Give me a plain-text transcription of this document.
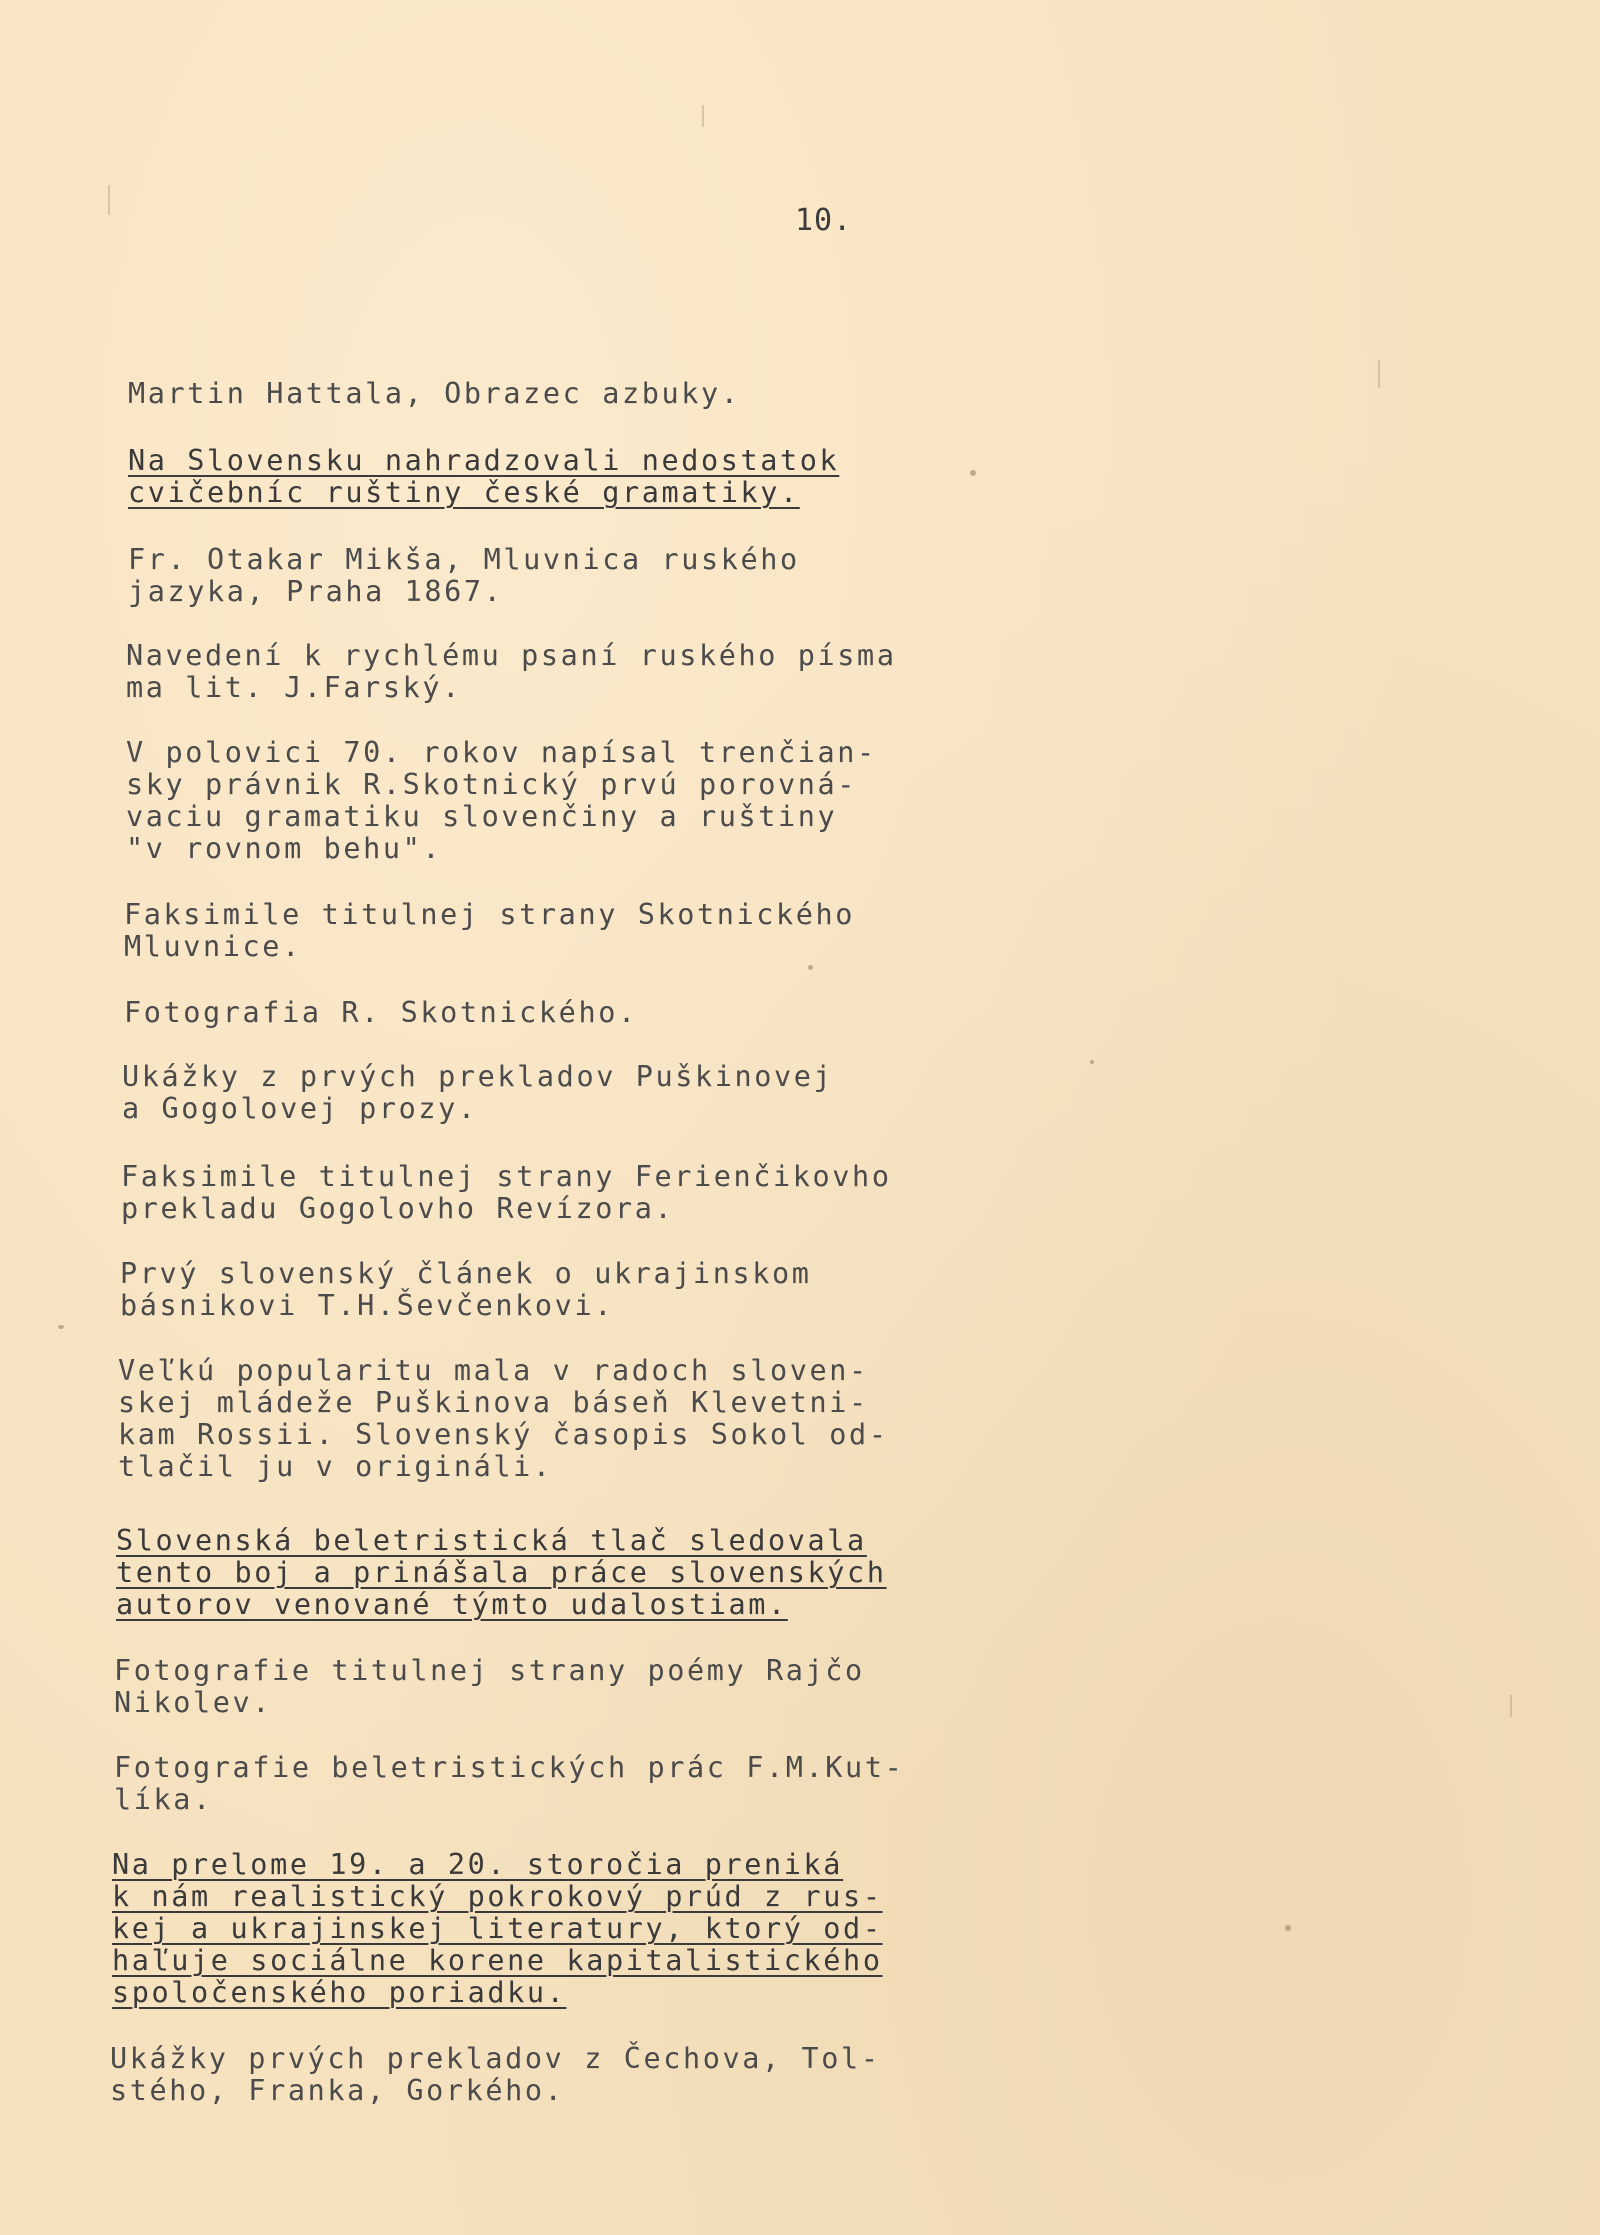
10.
Martin Hattala, Obrazec azbuky.
Na Slovensku nahradzovali nedostatok
cvičebníc ruštiny české gramatiky.
Fr. Otakar Mikša, Mluvnica ruského
jazyka, Praha 1867.
Navedení k rychlému psaní ruského písma
ma lit. J.Farský.
V polovici 70. rokov napísal trenčian-
sky právnik R.Skotnický prvú porovná-
vaciu gramatiku slovenčiny a ruštiny
"v rovnom behu".
Faksimile titulnej strany Skotnického
Mluvnice.
Fotografia R. Skotnického.
Ukážky z prvých prekladov Puškinovej
a Gogolovej prozy.
Faksimile titulnej strany Ferienčikovho
prekladu Gogolovho Revízora.
Prvý slovenský článek o ukrajinskom
básnikovi T.H.Ševčenkovi.
Veľkú popularitu mala v radoch sloven-
skej mládeže Puškinova báseň Klevetni-
kam Rossii. Slovenský časopis Sokol od-
tlačil ju v origináli.
Slovenská beletristická tlač sledovala
tento boj a prinášala práce slovenských
autorov venované týmto udalostiam.
Fotografie titulnej strany poémy Rajčo
Nikolev.
Fotografie beletristických prác F.M.Kut-
líka.
Na prelome 19. a 20. storočia preniká
k nám realistický pokrokový prúd z rus-
kej a ukrajinskej literatury, ktorý od-
haľuje sociálne korene kapitalistického
spoločenského poriadku.
Ukážky prvých prekladov z Čechova, Tol-
stého, Franka, Gorkého.
